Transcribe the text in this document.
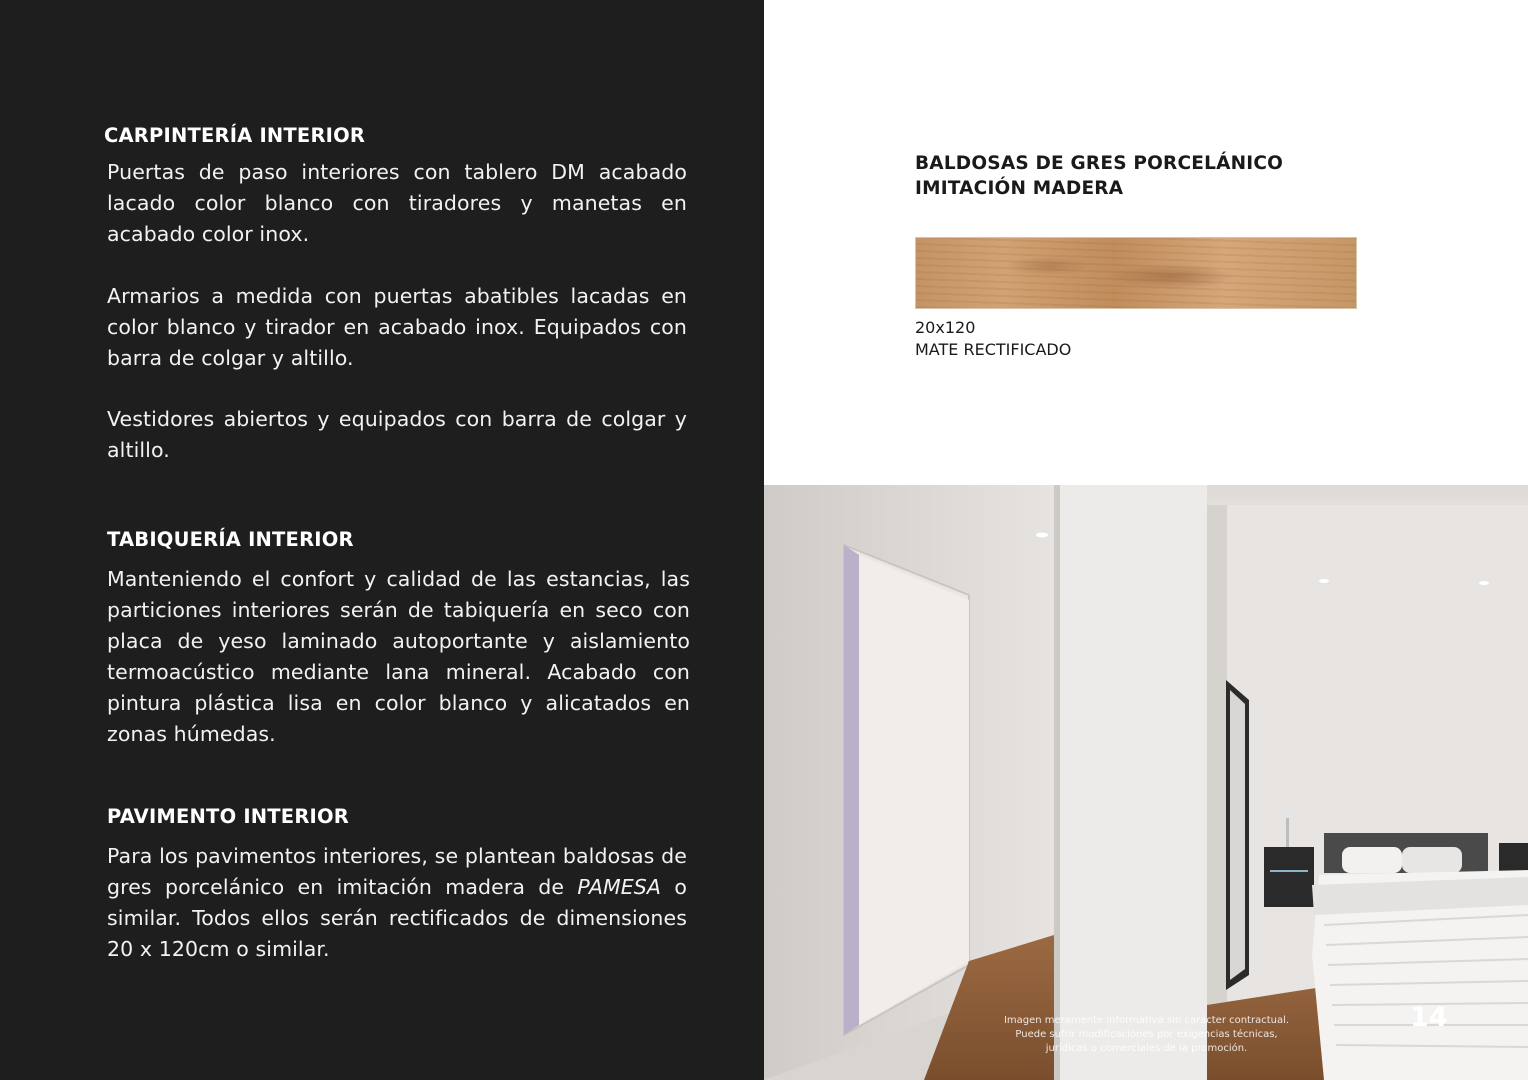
CARPINTERÍA INTERIOR

Puertas de paso interiores con tablero DM acabado lacado color blanco con tiradores y manetas en acabado color inox.

Armarios a medida con puertas abatibles lacadas en color blanco y tirador en acabado inox. Equipados con barra de colgar y altillo.

Vestidores abiertos y equipados con barra de colgar y altillo.

TABIQUERÍA INTERIOR

Manteniendo el confort y calidad de las estancias, las particiones interiores serán de tabiquería en seco con placa de yeso laminado autoportante y aislamiento termoacústico mediante lana mineral. Acabado con pintura plástica lisa en color blanco y alicatados en zonas húmedas.

PAVIMENTO INTERIOR

Para los pavimentos interiores, se plantean baldosas de gres porcelánico en imitación madera de PAMESA o similar. Todos ellos serán rectificados de dimensiones 20 x 120cm o similar.

BALDOSAS DE GRES PORCELÁNICO
IMITACIÓN MADERA

20x120
MATE RECTIFICADO

Imagen meramente informativa sin carácter contractual.
Puede sufrir modificaciones por exigencias técnicas,
jurídicas o comerciales de la promoción.
14
